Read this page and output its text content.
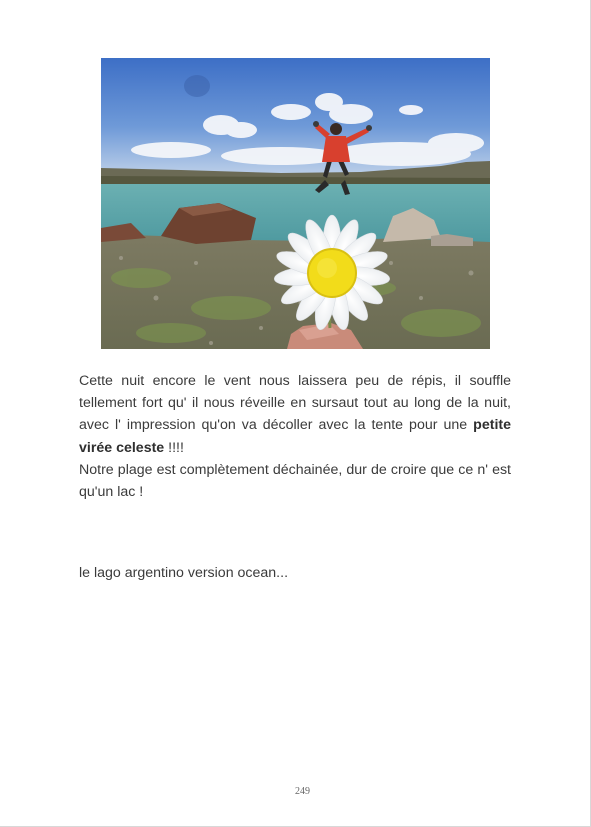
Cette nuit encore le vent nous laissera peu de répis, il souffle tellement fort qu' il nous réveille en sursaut tout au long de la nuit, avec l' impression qu'on va décoller avec la tente pour une petite virée celeste !!!!

Notre plage est complètement déchainée, dur de croire que ce n' est qu'un lac !

le lago argentino version ocean...
249
